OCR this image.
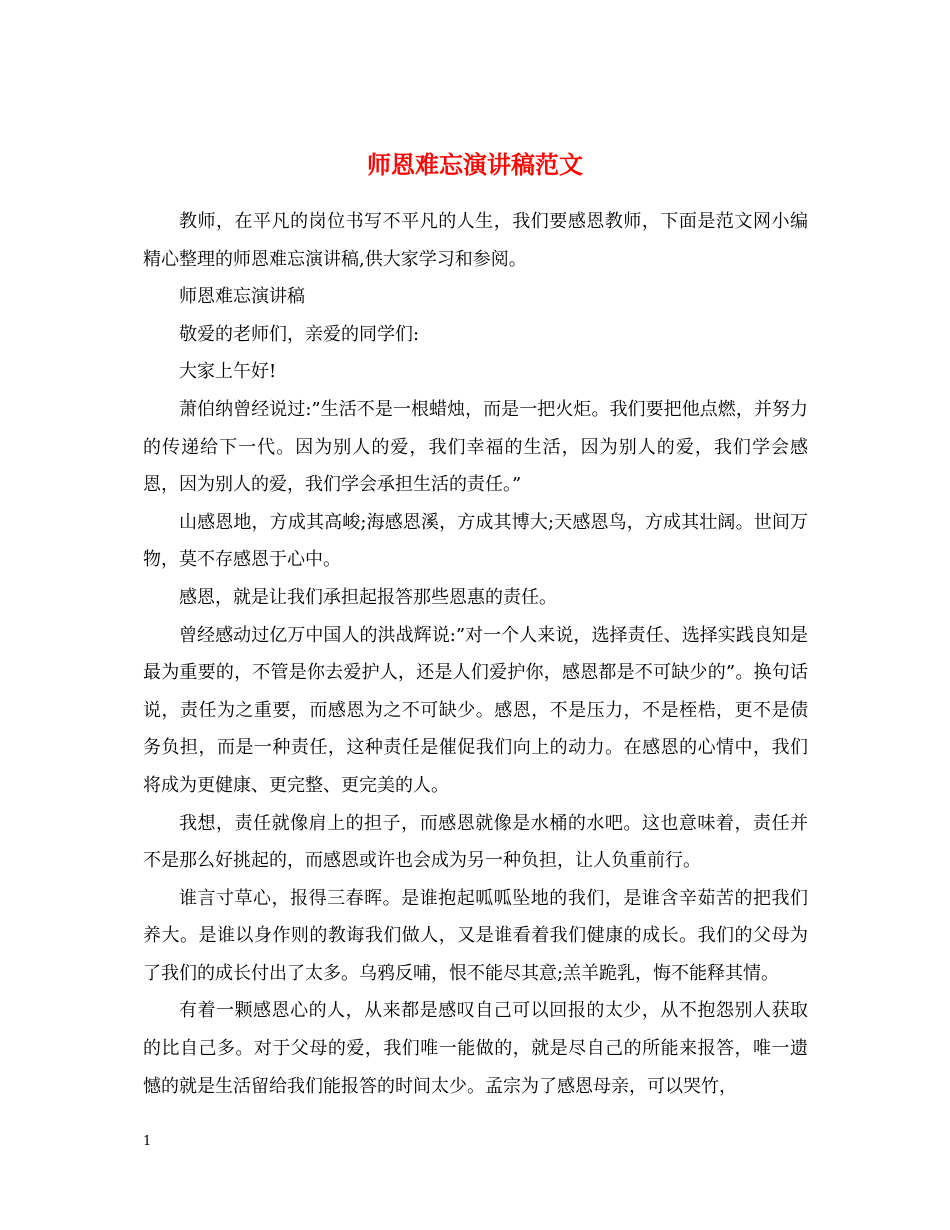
师恩难忘演讲稿范文

教师，在平凡的岗位书写不平凡的人生，我们要感恩教师，下面是范文网小编精心整理的师恩难忘演讲稿,供大家学习和参阅。

师恩难忘演讲稿

敬爱的老师们，亲爱的同学们:

大家上午好!

萧伯纳曾经说过:”生活不是一根蜡烛，而是一把火炬。我们要把他点燃，并努力的传递给下一代。因为别人的爱，我们幸福的生活，因为别人的爱，我们学会感恩，因为别人的爱，我们学会承担生活的责任。”

山感恩地，方成其高峻;海感恩溪，方成其博大;天感恩鸟，方成其壮阔。世间万物，莫不存感恩于心中。

感恩，就是让我们承担起报答那些恩惠的责任。

曾经感动过亿万中国人的洪战辉说:”对一个人来说，选择责任、选择实践良知是最为重要的，不管是你去爱护人，还是人们爱护你，感恩都是不可缺少的”。换句话说，责任为之重要，而感恩为之不可缺少。感恩，不是压力，不是桎梏，更不是债务负担，而是一种责任，这种责任是催促我们向上的动力。在感恩的心情中，我们将成为更健康、更完整、更完美的人。

我想，责任就像肩上的担子，而感恩就像是水桶的水吧。这也意味着，责任并不是那么好挑起的，而感恩或许也会成为另一种负担，让人负重前行。

谁言寸草心，报得三春晖。是谁抱起呱呱坠地的我们，是谁含辛茹苦的把我们养大。是谁以身作则的教诲我们做人，又是谁看着我们健康的成长。我们的父母为了我们的成长付出了太多。乌鸦反哺，恨不能尽其意;羔羊跪乳，悔不能释其情。

有着一颗感恩心的人，从来都是感叹自己可以回报的太少，从不抱怨别人获取的比自己多。对于父母的爱，我们唯一能做的，就是尽自己的所能来报答，唯一遗憾的就是生活留给我们能报答的时间太少。孟宗为了感恩母亲，可以哭竹，

1
